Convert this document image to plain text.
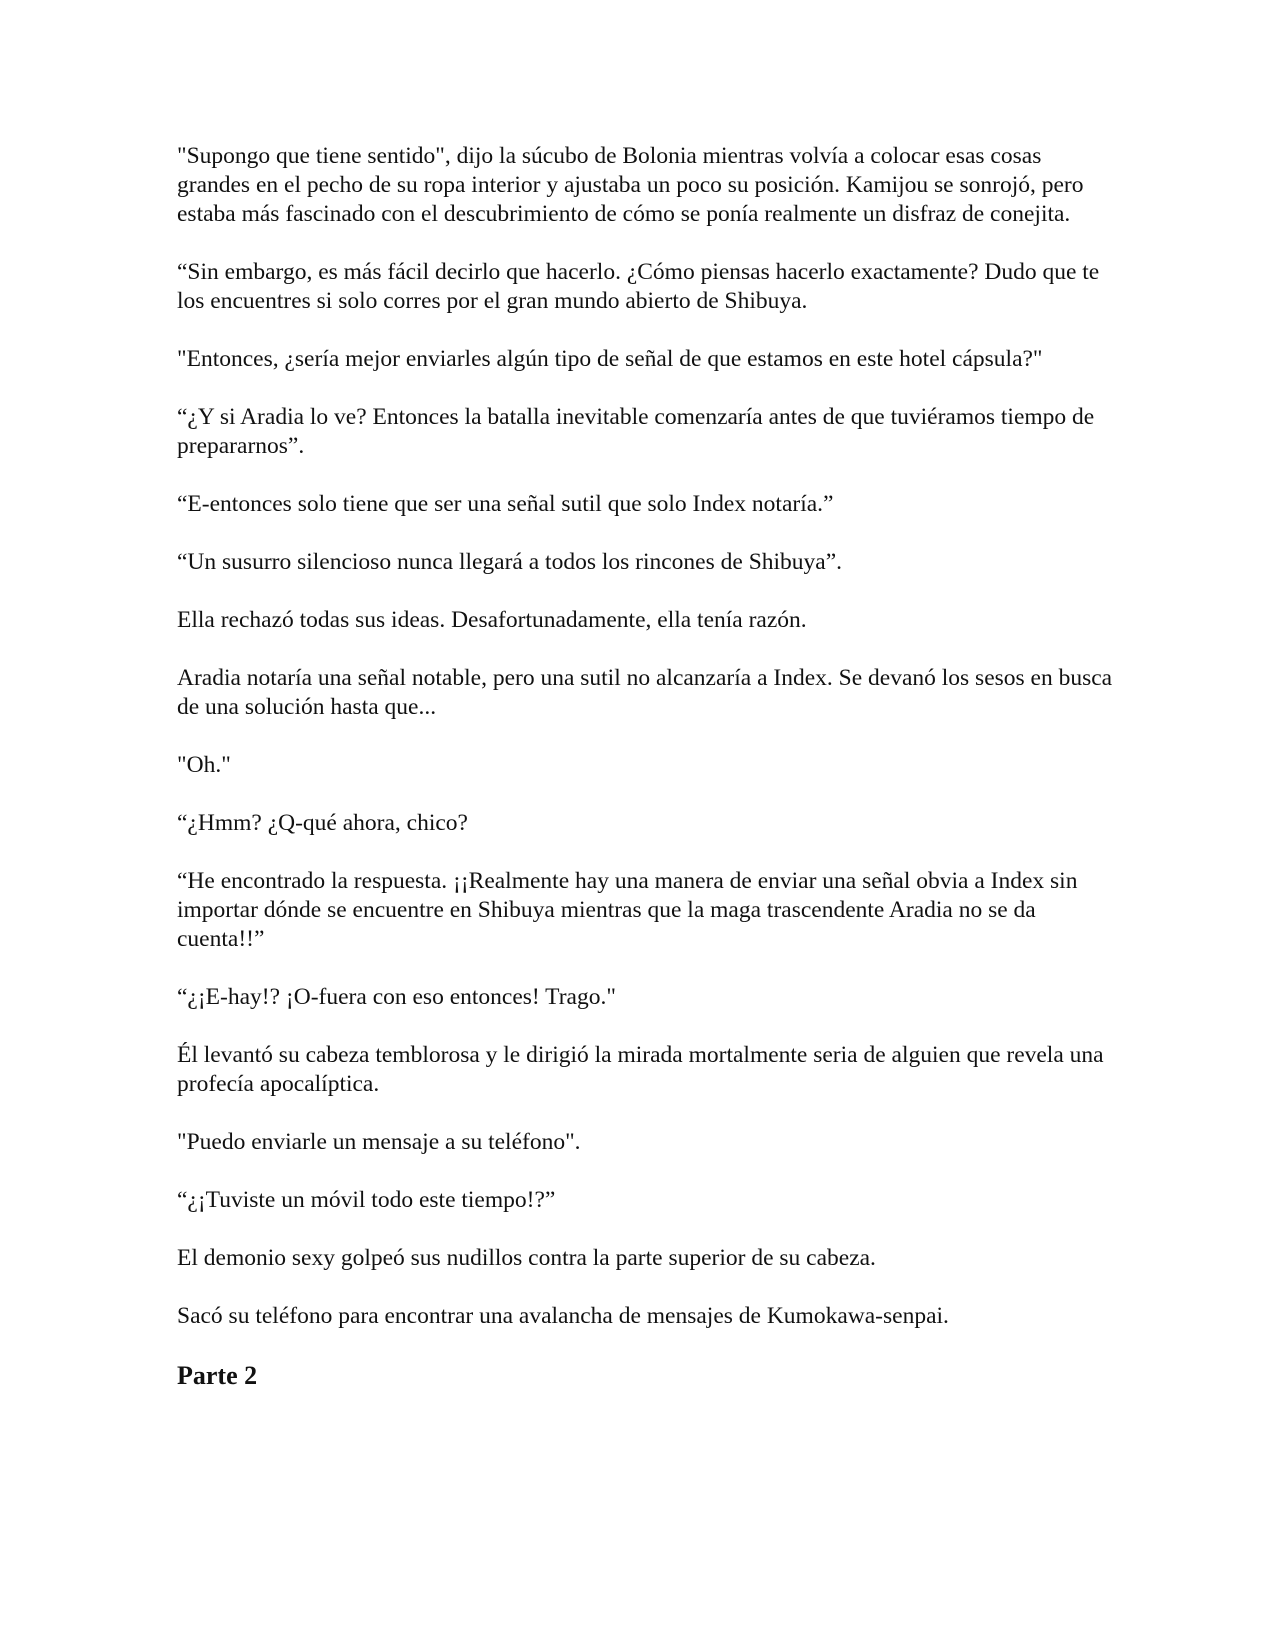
"Supongo que tiene sentido", dijo la súcubo de Bolonia mientras volvía a colocar esas cosas grandes en el pecho de su ropa interior y ajustaba un poco su posición. Kamijou se sonrojó, pero estaba más fascinado con el descubrimiento de cómo se ponía realmente un disfraz de conejita.

“Sin embargo, es más fácil decirlo que hacerlo. ¿Cómo piensas hacerlo exactamente? Dudo que te los encuentres si solo corres por el gran mundo abierto de Shibuya.

"Entonces, ¿sería mejor enviarles algún tipo de señal de que estamos en este hotel cápsula?"

“¿Y si Aradia lo ve? Entonces la batalla inevitable comenzaría antes de que tuviéramos tiempo de prepararnos”.

“E-entonces solo tiene que ser una señal sutil que solo Index notaría.”

“Un susurro silencioso nunca llegará a todos los rincones de Shibuya”.

Ella rechazó todas sus ideas. Desafortunadamente, ella tenía razón.

Aradia notaría una señal notable, pero una sutil no alcanzaría a Index. Se devanó los sesos en busca de una solución hasta que...

"Oh."

“¿Hmm? ¿Q-qué ahora, chico?

“He encontrado la respuesta. ¡¡Realmente hay una manera de enviar una señal obvia a Index sin importar dónde se encuentre en Shibuya mientras que la maga trascendente Aradia no se da cuenta!!”

“¿¡E-hay!? ¡O-fuera con eso entonces! Trago."

Él levantó su cabeza temblorosa y le dirigió la mirada mortalmente seria de alguien que revela una profecía apocalíptica.

"Puedo enviarle un mensaje a su teléfono".

“¿¡Tuviste un móvil todo este tiempo!?”

El demonio sexy golpeó sus nudillos contra la parte superior de su cabeza.

Sacó su teléfono para encontrar una avalancha de mensajes de Kumokawa-senpai.

Parte 2
